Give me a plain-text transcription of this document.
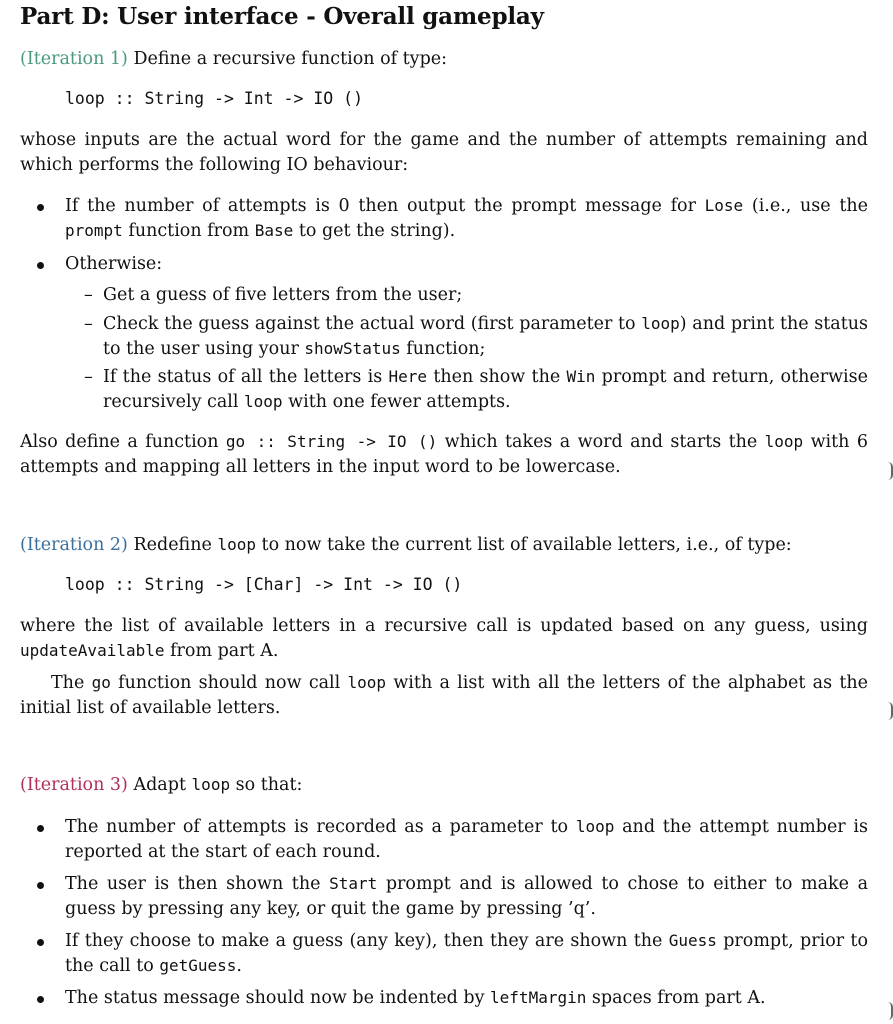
Part D: User interface - Overall gameplay
(Iteration 1) Define a recursive function of type:
loop :: String -> Int -> IO ()
whose inputs are the actual word for the game and the number of attempts remaining and which performs the following IO behaviour:
If the number of attempts is 0 then output the prompt message for Lose (i.e., use the prompt function from Base to get the string).
Otherwise:
– Get a guess of five letters from the user;
– Check the guess against the actual word (first parameter to loop) and print the status to the user using your showStatus function;
– If the status of all the letters is Here then show the Win prompt and return, otherwise recursively call loop with one fewer attempts.
Also define a function go :: String -> IO () which takes a word and starts the loop with 6 attempts and mapping all letters in the input word to be lowercase.
(Iteration 2) Redefine loop to now take the current list of available letters, i.e., of type:
loop :: String -> [Char] -> Int -> IO ()
where the list of available letters in a recursive call is updated based on any guess, using updateAvailable from part A.
The go function should now call loop with a list with all the letters of the alphabet as the initial list of available letters.
(Iteration 3) Adapt loop so that:
The number of attempts is recorded as a parameter to loop and the attempt number is reported at the start of each round.
The user is then shown the Start prompt and is allowed to chose to either to make a guess by pressing any key, or quit the game by pressing ’q’.
If they choose to make a guess (any key), then they are shown the Guess prompt, prior to the call to getGuess.
The status message should now be indented by leftMargin spaces from part A.
